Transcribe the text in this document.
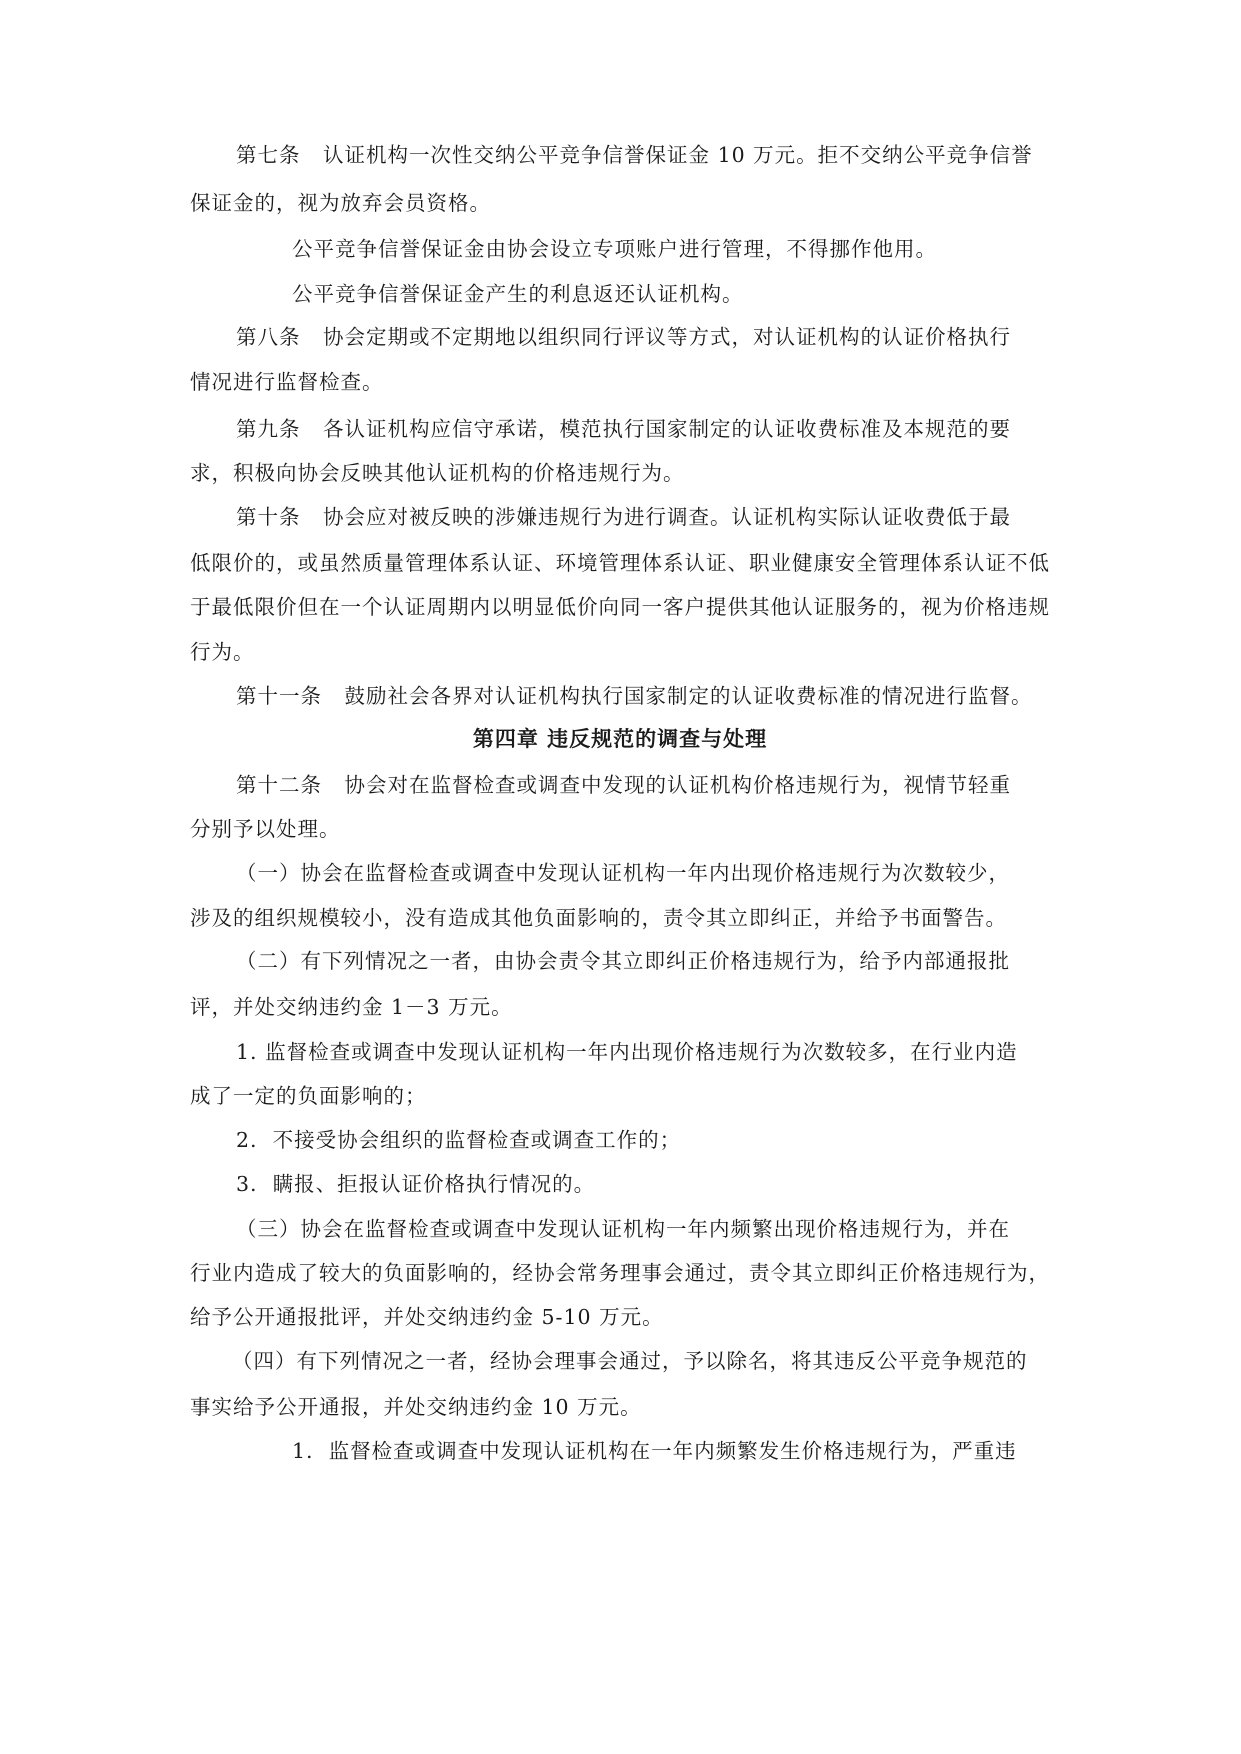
第七条   认证机构一次性交纳公平竞争信誉保证金 10 万元。拒不交纳公平竞争信誉
保证金的，视为放弃会员资格。
公平竞争信誉保证金由协会设立专项账户进行管理，不得挪作他用。
公平竞争信誉保证金产生的利息返还认证机构。
第八条   协会定期或不定期地以组织同行评议等方式，对认证机构的认证价格执行
情况进行监督检查。
第九条   各认证机构应信守承诺，模范执行国家制定的认证收费标准及本规范的要
求，积极向协会反映其他认证机构的价格违规行为。
第十条   协会应对被反映的涉嫌违规行为进行调查。认证机构实际认证收费低于最
低限价的，或虽然质量管理体系认证、环境管理体系认证、职业健康安全管理体系认证不低
于最低限价但在一个认证周期内以明显低价向同一客户提供其他认证服务的，视为价格违规
行为。
第十一条   鼓励社会各界对认证机构执行国家制定的认证收费标准的情况进行监督。
第四章 违反规范的调查与处理
第十二条   协会对在监督检查或调查中发现的认证机构价格违规行为，视情节轻重
分别予以处理。
（一）协会在监督检查或调查中发现认证机构一年内出现价格违规行为次数较少，
涉及的组织规模较小，没有造成其他负面影响的，责令其立即纠正，并给予书面警告。
（二）有下列情况之一者，由协会责令其立即纠正价格违规行为，给予内部通报批
评，并处交纳违约金 1－3 万元。
1. 监督检查或调查中发现认证机构一年内出现价格违规行为次数较多，在行业内造
成了一定的负面影响的；
2.  不接受协会组织的监督检查或调查工作的；
3.  瞒报、拒报认证价格执行情况的。
（三）协会在监督检查或调查中发现认证机构一年内频繁出现价格违规行为，并在
行业内造成了较大的负面影响的，经协会常务理事会通过，责令其立即纠正价格违规行为，
给予公开通报批评，并处交纳违约金 5-10 万元。
（四）有下列情况之一者，经协会理事会通过，予以除名，将其违反公平竞争规范的
事实给予公开通报，并处交纳违约金 10 万元。
1.  监督检查或调查中发现认证机构在一年内频繁发生价格违规行为，严重违
